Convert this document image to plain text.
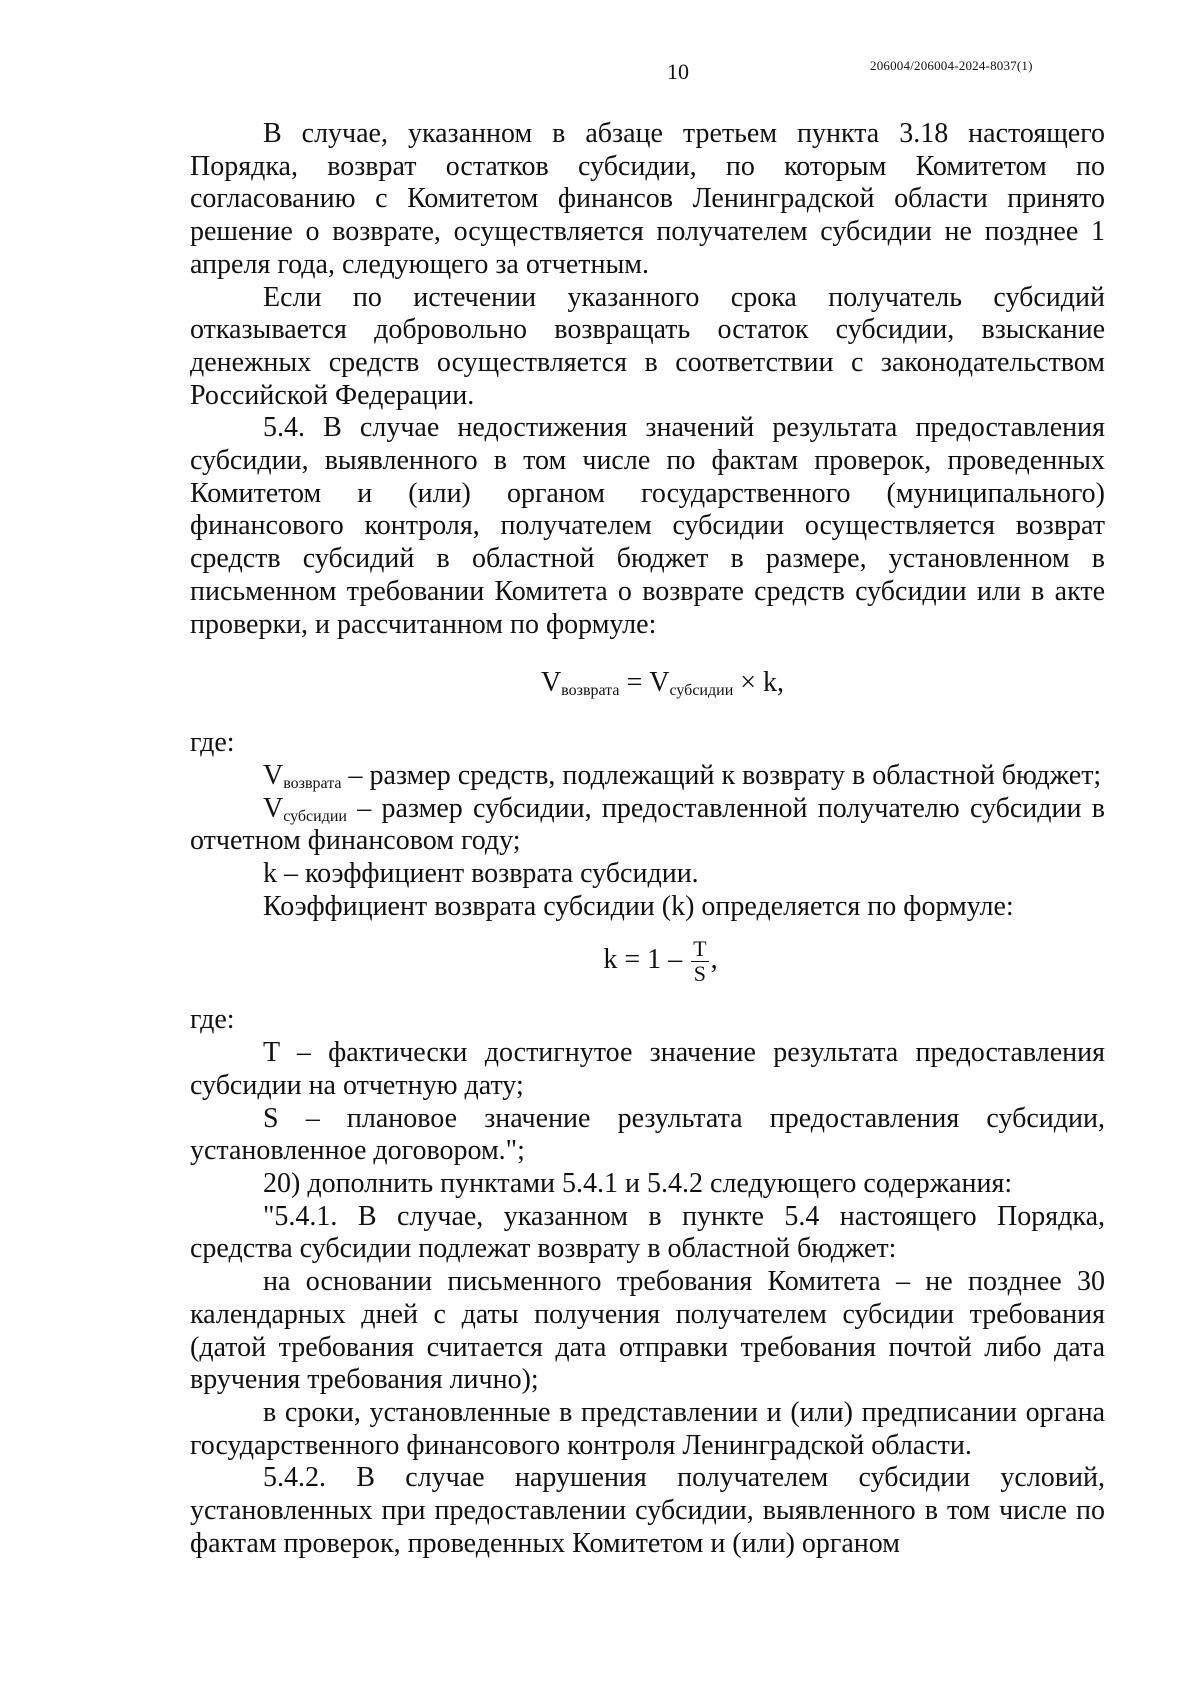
10	206004/206004-2024-8037(1)

В случае, указанном в абзаце третьем пункта 3.18 настоящего Порядка, возврат остатков субсидии, по которым Комитетом по согласованию с Комитетом финансов Ленинградской области принято решение о возврате, осуществляется получателем субсидии не позднее 1 апреля года, следующего за отчетным.

Если по истечении указанного срока получатель субсидий отказывается добровольно возвращать остаток субсидии, взыскание денежных средств осуществляется в соответствии с законодательством Российской Федерации.

5.4. В случае недостижения значений результата предоставления субсидии, выявленного в том числе по фактам проверок, проведенных Комитетом и (или) органом государственного (муниципального) финансового контроля, получателем субсидии осуществляется возврат средств субсидий в областной бюджет в размере, установленном в письменном требовании Комитета о возврате средств субсидии или в акте проверки, и рассчитанном по формуле:

$V_{возврата} = V_{субсидии} \times k$,

где:

$V_{возврата}$ – размер средств, подлежащий к возврату в областной бюджет;

$V_{субсидии}$ – размер субсидии, предоставленной получателю субсидии в отчетном финансовом году;

k – коэффициент возврата субсидии.

Коэффициент возврата субсидии (k) определяется по формуле:

$k = 1 - \frac{T}{S}$ ,

где:

T – фактически достигнутое значение результата предоставления субсидии на отчетную дату;

S – плановое значение результата предоставления субсидии, установленное договором.";

20) дополнить пунктами 5.4.1 и 5.4.2 следующего содержания:

"5.4.1. В случае, указанном в пункте 5.4 настоящего Порядка, средства субсидии подлежат возврату в областной бюджет:

на основании письменного требования Комитета – не позднее 30 календарных дней с даты получения получателем субсидии требования (датой требования считается дата отправки требования почтой либо дата вручения требования лично);

в сроки, установленные в представлении и (или) предписании органа государственного финансового контроля Ленинградской области.

5.4.2. В случае нарушения получателем субсидии условий, установленных при предоставлении субсидии, выявленного в том числе по фактам проверок, проведенных Комитетом и (или) органом
